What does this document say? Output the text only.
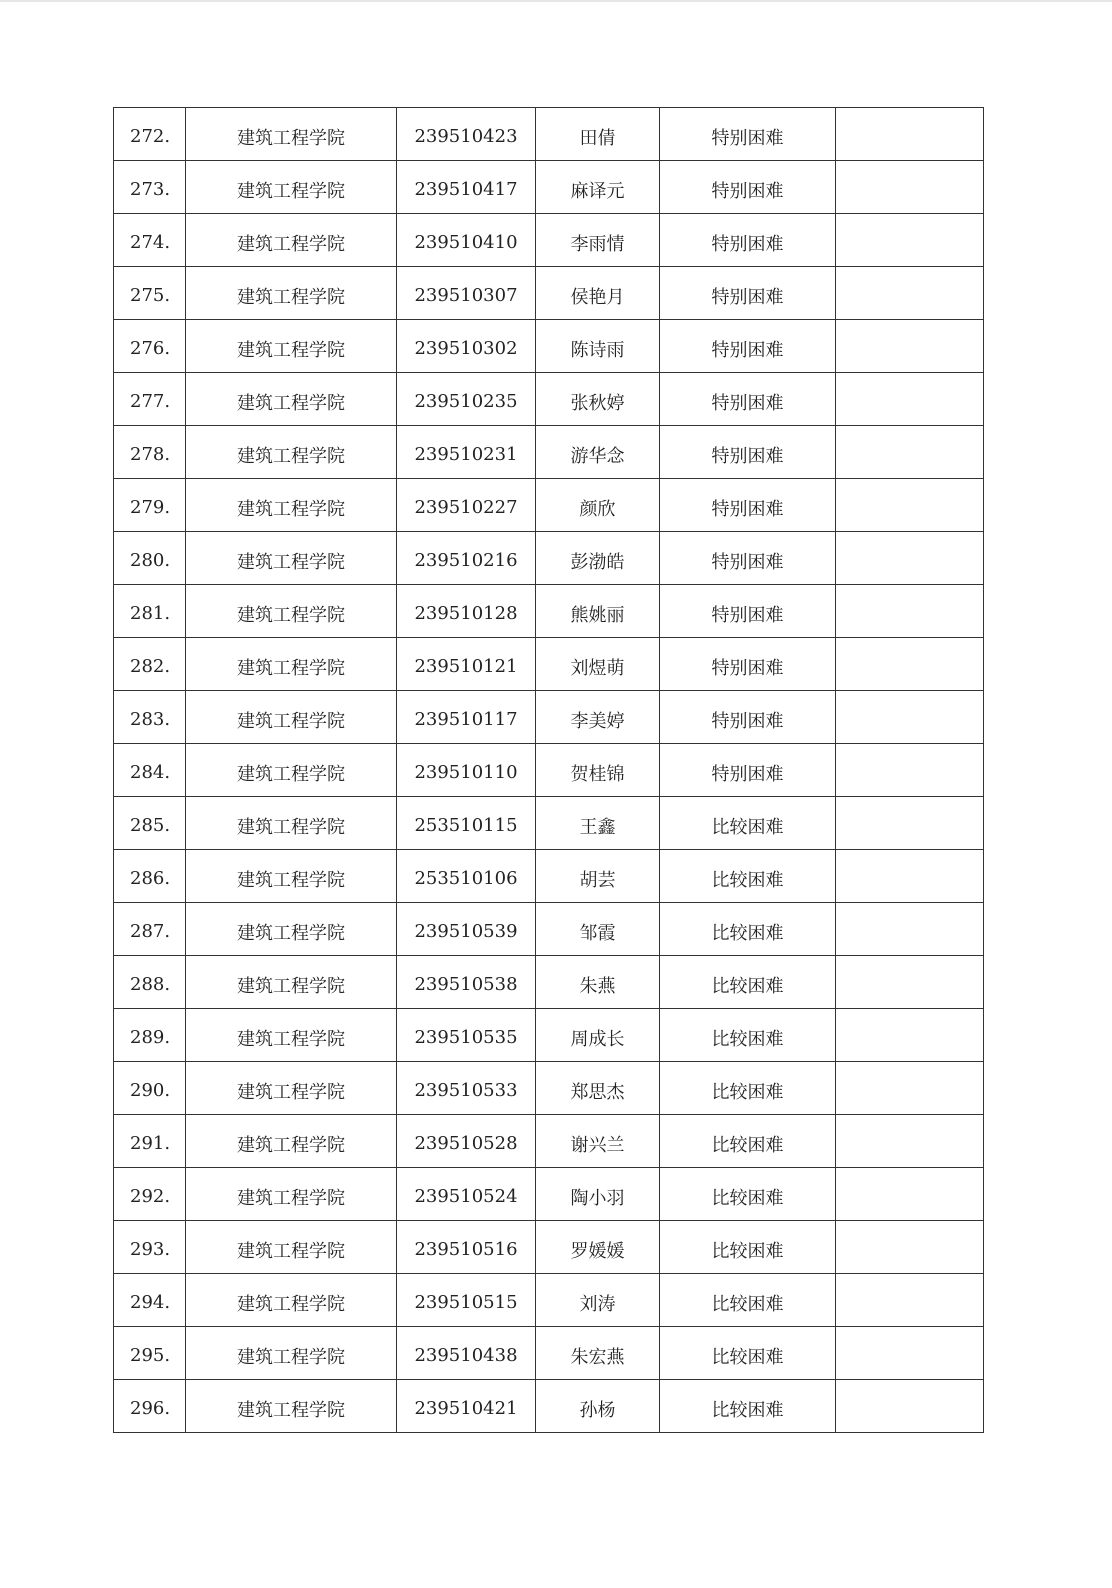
272.	建筑工程学院	239510423	田倩	特别困难	
273.	建筑工程学院	239510417	麻译元	特别困难	
274.	建筑工程学院	239510410	李雨情	特别困难	
275.	建筑工程学院	239510307	侯艳月	特别困难	
276.	建筑工程学院	239510302	陈诗雨	特别困难	
277.	建筑工程学院	239510235	张秋婷	特别困难	
278.	建筑工程学院	239510231	游华念	特别困难	
279.	建筑工程学院	239510227	颜欣	特别困难	
280.	建筑工程学院	239510216	彭渤皓	特别困难	
281.	建筑工程学院	239510128	熊姚丽	特别困难	
282.	建筑工程学院	239510121	刘煜萌	特别困难	
283.	建筑工程学院	239510117	李美婷	特别困难	
284.	建筑工程学院	239510110	贺桂锦	特别困难	
285.	建筑工程学院	253510115	王鑫	比较困难	
286.	建筑工程学院	253510106	胡芸	比较困难	
287.	建筑工程学院	239510539	邹霞	比较困难	
288.	建筑工程学院	239510538	朱燕	比较困难	
289.	建筑工程学院	239510535	周成长	比较困难	
290.	建筑工程学院	239510533	郑思杰	比较困难	
291.	建筑工程学院	239510528	谢兴兰	比较困难	
292.	建筑工程学院	239510524	陶小羽	比较困难	
293.	建筑工程学院	239510516	罗媛媛	比较困难	
294.	建筑工程学院	239510515	刘涛	比较困难	
295.	建筑工程学院	239510438	朱宏燕	比较困难	
296.	建筑工程学院	239510421	孙杨	比较困难	
